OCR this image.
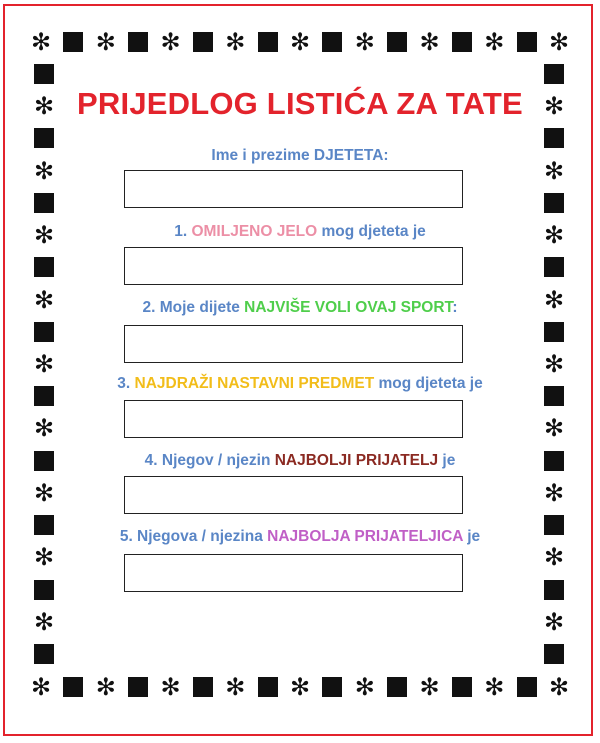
✻ ✻ ✻ ✻ ✻ ✻ ✻ ✻ ✻
✻ ✻ ✻ ✻ ✻ ✻ ✻ ✻ ✻
✻
✻
✻
✻
✻
✻
✻
✻
✻
✻
✻
✻
✻
✻
✻
✻
✻
✻
PRIJEDLOG LISTIĆA ZA TATE
Ime i prezime DJETETA:
1. OMILJENO JELO mog djeteta je
2. Moje dijete NAJVIŠE VOLI OVAJ SPORT:
3. NAJDRAŽI NASTAVNI PREDMET mog djeteta je
4. Njegov / njezin NAJBOLJI PRIJATELJ je
5. Njegova / njezina NAJBOLJA PRIJATELJICA je
